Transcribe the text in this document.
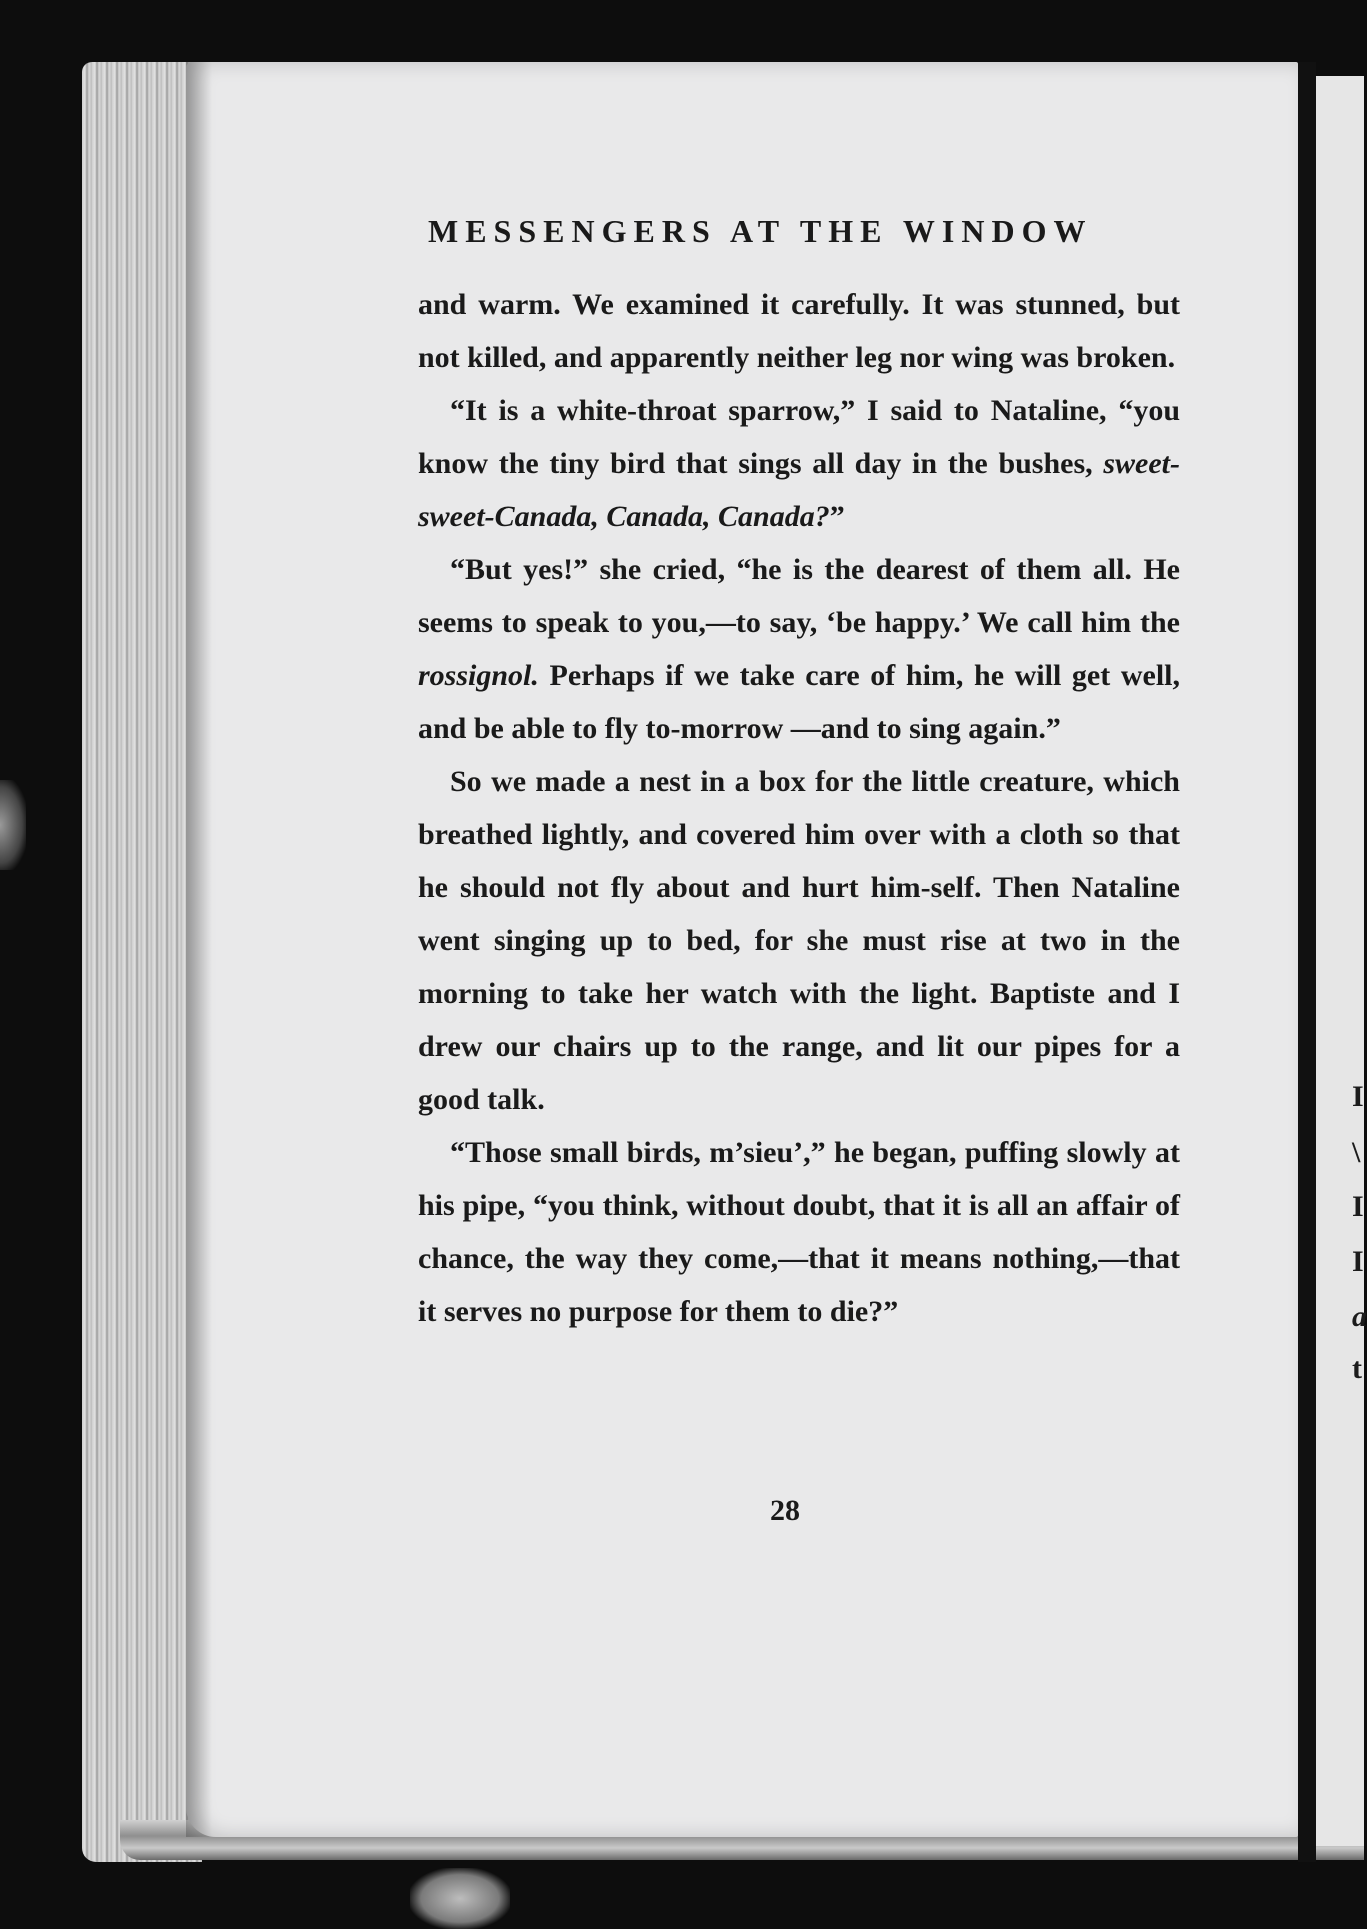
MESSENGERS AT THE WINDOW

and warm. We examined it carefully. It was stunned, but not killed, and apparently neither leg nor wing was broken.

“It is a white-throat sparrow,” I said to Nataline, “you know the tiny bird that sings all day in the bushes, sweet-sweet-Canada, Canada, Canada?”

“But yes!” she cried, “he is the dearest of them all. He seems to speak to you,—to say, ‘be happy.’ We call him the rossignol. Perhaps if we take care of him, he will get well, and be able to fly to-morrow —and to sing again.”

So we made a nest in a box for the little creature, which breathed lightly, and covered him over with a cloth so that he should not fly about and hurt him-self. Then Nataline went singing up to bed, for she must rise at two in the morning to take her watch with the light. Baptiste and I drew our chairs up to the range, and lit our pipes for a good talk.

“Those small birds, m’sieu’,” he began, puffing slowly at his pipe, “you think, without doubt, that it is all an affair of chance, the way they come,—that it means nothing,—that it serves no purpose for them to die?”

28
I
\
I
I
a
t
